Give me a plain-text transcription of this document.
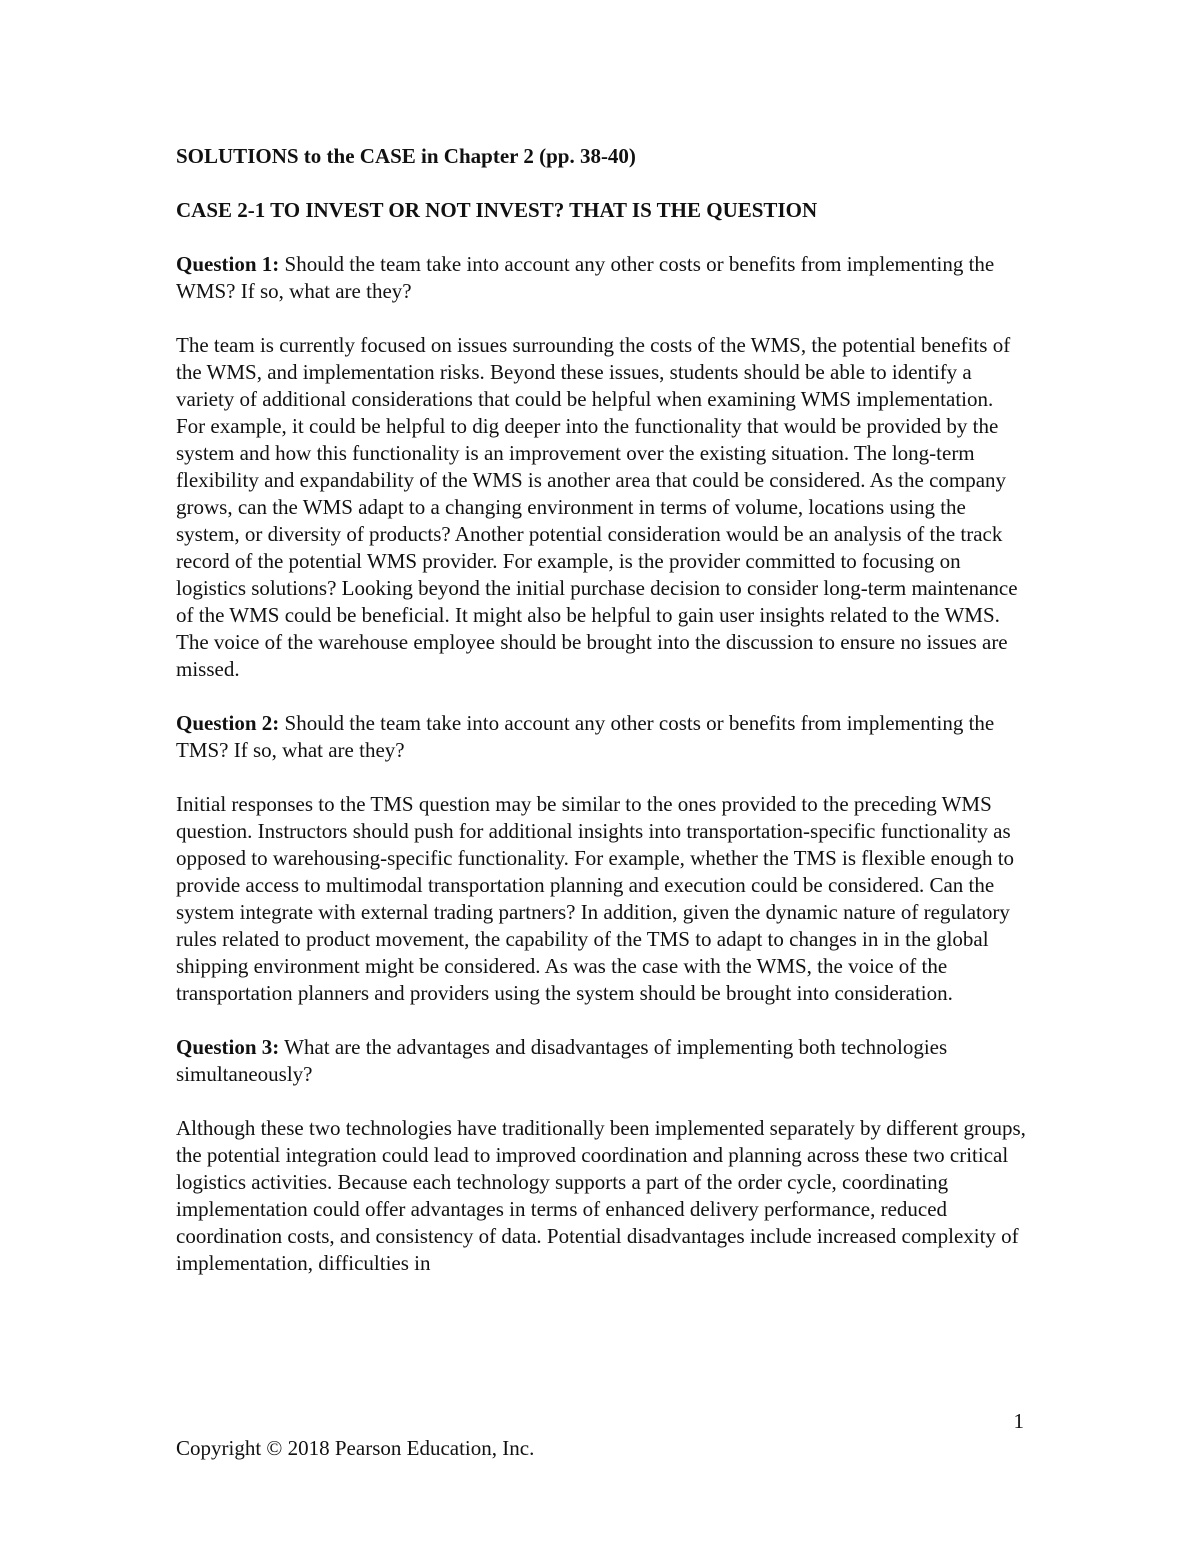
SOLUTIONS to the CASE in Chapter 2 (pp. 38-40)

CASE 2-1 TO INVEST OR NOT INVEST? THAT IS THE QUESTION

Question 1: Should the team take into account any other costs or benefits from implementing the WMS? If so, what are they?

The team is currently focused on issues surrounding the costs of the WMS, the potential benefits of the WMS, and implementation risks. Beyond these issues, students should be able to identify a variety of additional considerations that could be helpful when examining WMS implementation. For example, it could be helpful to dig deeper into the functionality that would be provided by the system and how this functionality is an improvement over the existing situation. The long-term flexibility and expandability of the WMS is another area that could be considered. As the company grows, can the WMS adapt to a changing environment in terms of volume, locations using the system, or diversity of products? Another potential consideration would be an analysis of the track record of the potential WMS provider. For example, is the provider committed to focusing on logistics solutions? Looking beyond the initial purchase decision to consider long-term maintenance of the WMS could be beneficial. It might also be helpful to gain user insights related to the WMS. The voice of the warehouse employee should be brought into the discussion to ensure no issues are missed.

Question 2: Should the team take into account any other costs or benefits from implementing the TMS? If so, what are they?

Initial responses to the TMS question may be similar to the ones provided to the preceding WMS question. Instructors should push for additional insights into transportation-specific functionality as opposed to warehousing-specific functionality. For example, whether the TMS is flexible enough to provide access to multimodal transportation planning and execution could be considered. Can the system integrate with external trading partners? In addition, given the dynamic nature of regulatory rules related to product movement, the capability of the TMS to adapt to changes in in the global shipping environment might be considered. As was the case with the WMS, the voice of the transportation planners and providers using the system should be brought into consideration.

Question 3: What are the advantages and disadvantages of implementing both technologies simultaneously?

Although these two technologies have traditionally been implemented separately by different groups, the potential integration could lead to improved coordination and planning across these two critical logistics activities. Because each technology supports a part of the order cycle, coordinating implementation could offer advantages in terms of enhanced delivery performance, reduced coordination costs, and consistency of data. Potential disadvantages include increased complexity of implementation, difficulties in

1
Copyright © 2018 Pearson Education, Inc.
